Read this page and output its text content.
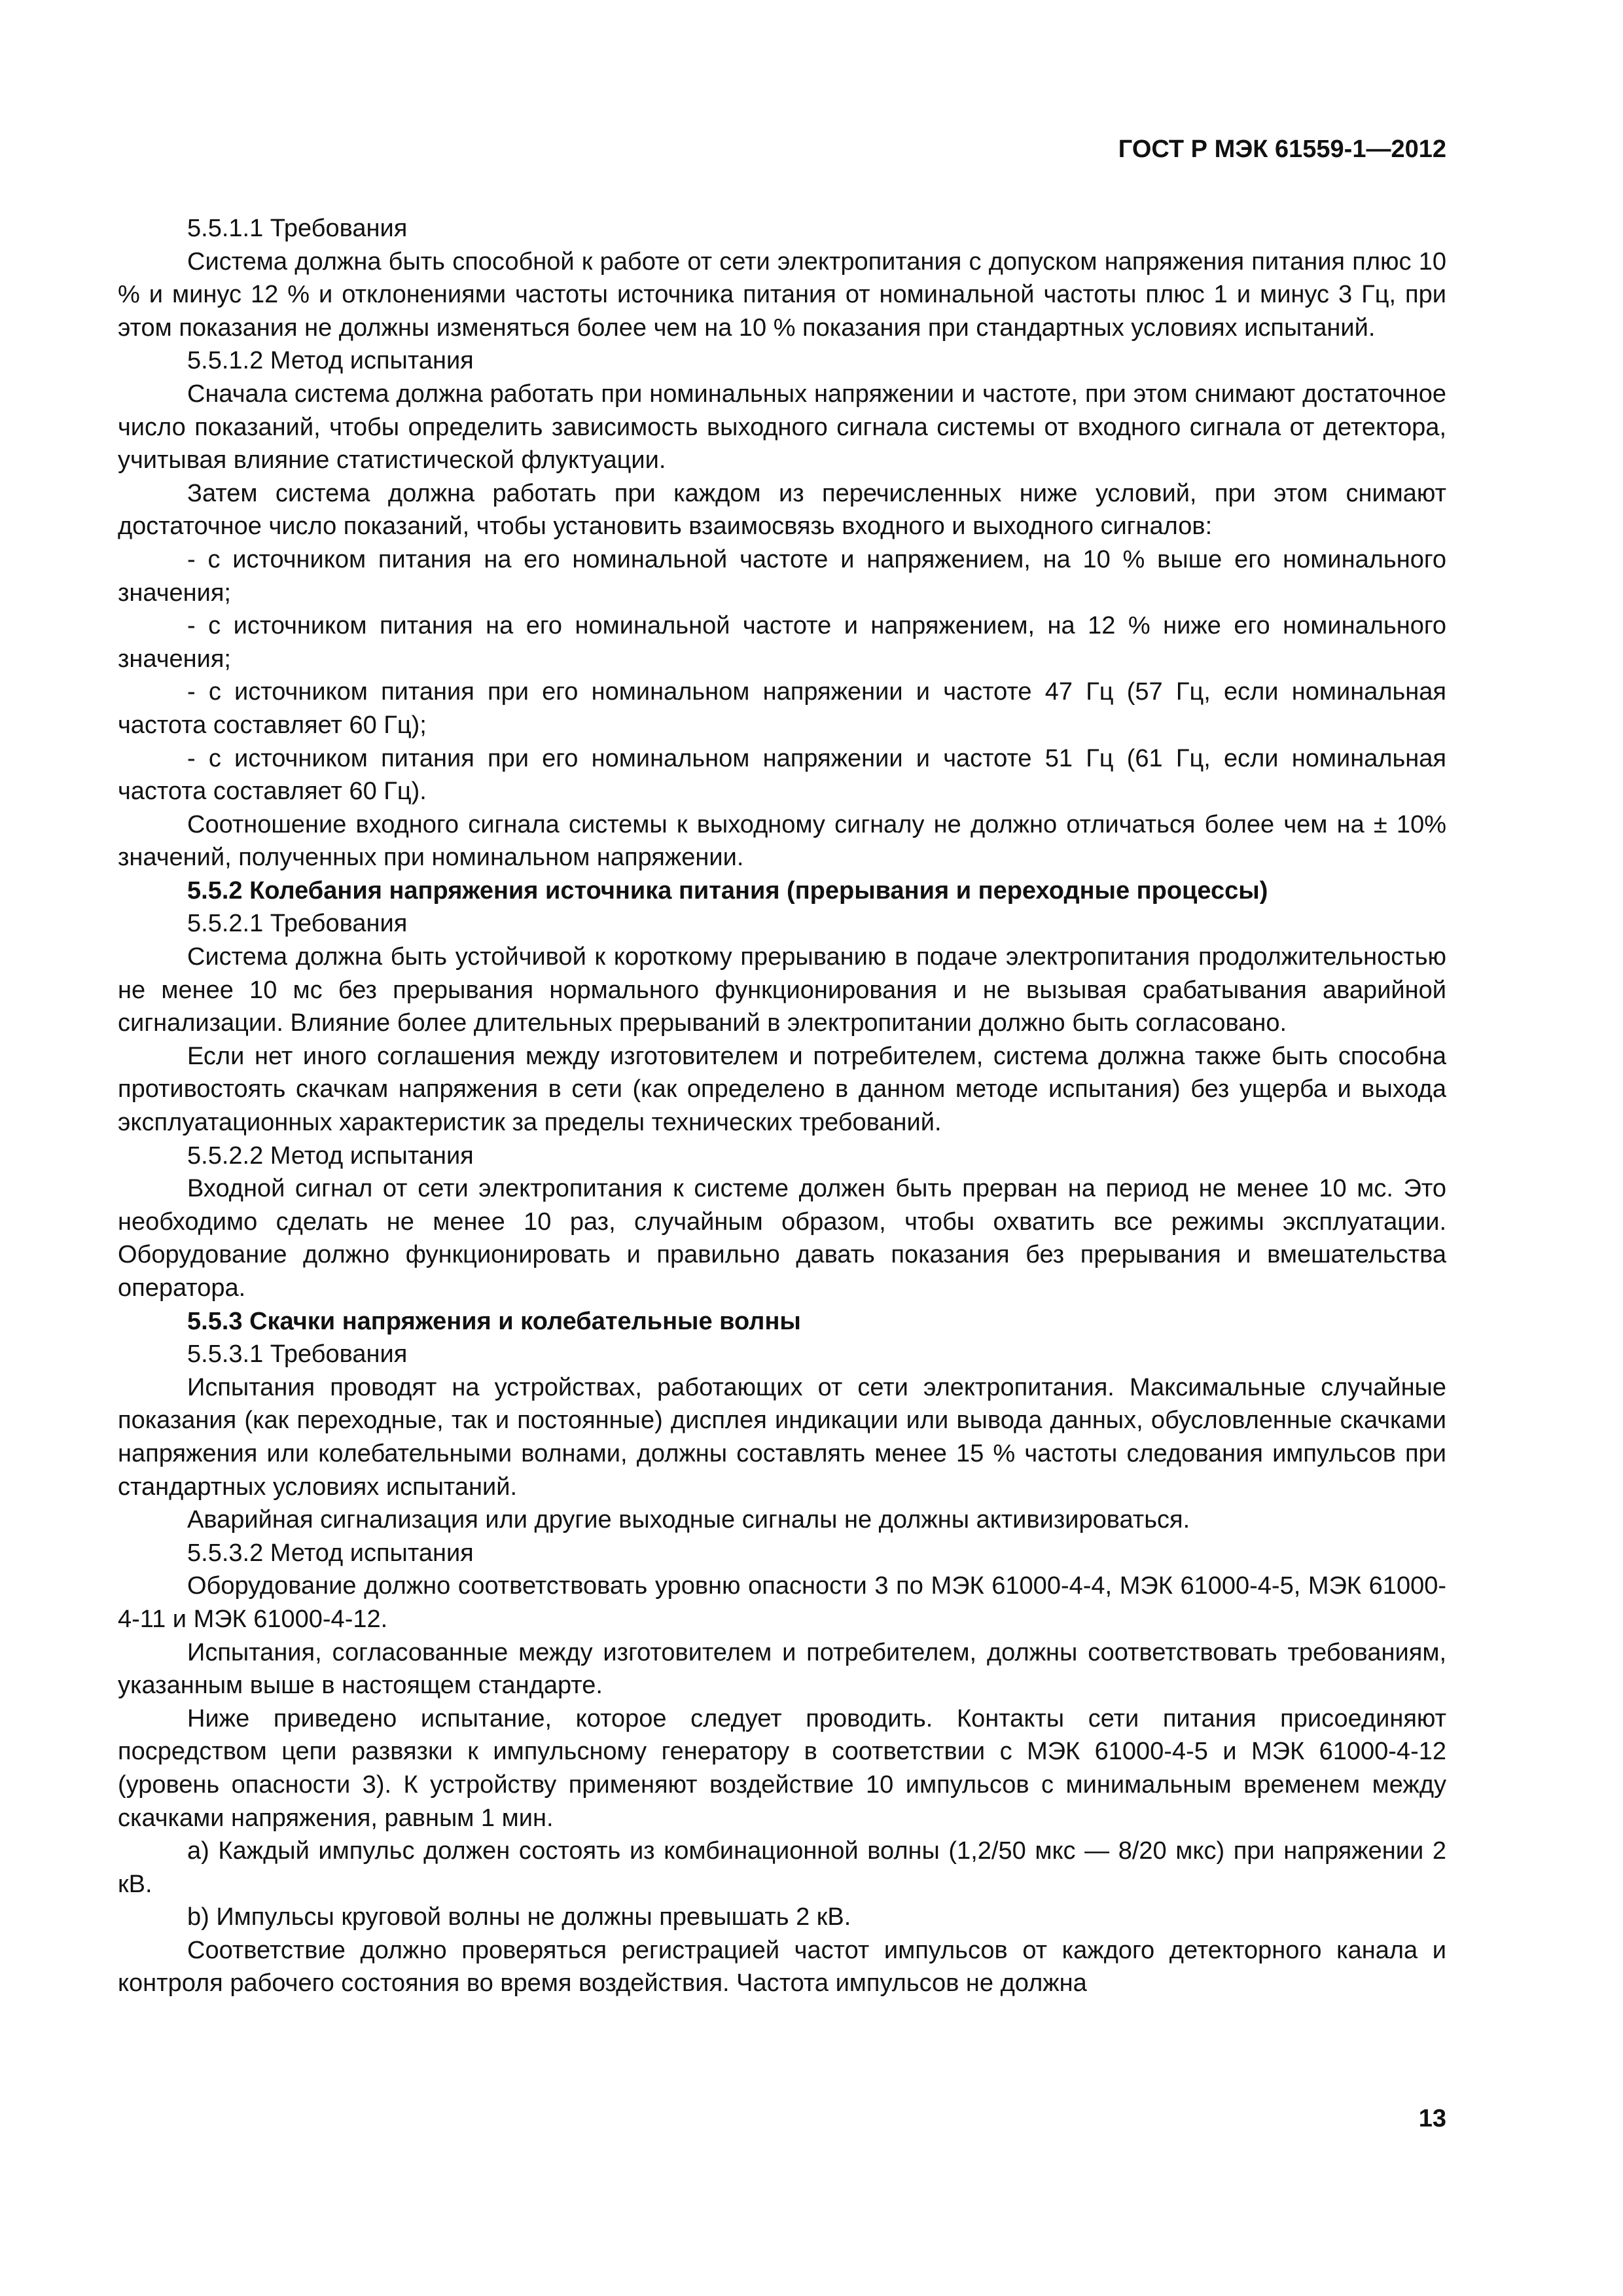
ГОСТ Р МЭК 61559-1—2012

5.5.1.1 Требования

Система должна быть способной к работе от сети электропитания с допуском напряжения питания плюс 10 % и минус 12 % и отклонениями частоты источника питания от номинальной частоты плюс 1 и минус 3 Гц, при этом показания не должны изменяться более чем на 10 % показания при стандартных условиях испытаний.

5.5.1.2 Метод испытания

Сначала система должна работать при номинальных напряжении и частоте, при этом снимают достаточное число показаний, чтобы определить зависимость выходного сигнала системы от входного сигнала от детектора, учитывая влияние статистической флуктуации.

Затем система должна работать при каждом из перечисленных ниже условий, при этом снимают достаточное число показаний, чтобы установить взаимосвязь входного и выходного сигналов:

- с источником питания на его номинальной частоте и напряжением, на 10 % выше его номинального значения;

- с источником питания на его номинальной частоте и напряжением, на 12 % ниже его номинального значения;

- с источником питания при его номинальном напряжении и частоте 47 Гц (57 Гц, если номинальная частота составляет 60 Гц);

- с источником питания при его номинальном напряжении и частоте 51 Гц (61 Гц, если номинальная частота составляет 60 Гц).

Соотношение входного сигнала системы к выходному сигналу не должно отличаться более чем на ± 10% значений, полученных при номинальном напряжении.

5.5.2 Колебания напряжения источника питания (прерывания и переходные процессы)

5.5.2.1 Требования

Система должна быть устойчивой к короткому прерыванию в подаче электропитания продолжительностью не менее 10 мс без прерывания нормального функционирования и не вызывая срабатывания аварийной сигнализации. Влияние более длительных прерываний в электропитании должно быть согласовано.

Если нет иного соглашения между изготовителем и потребителем, система должна также быть способна противостоять скачкам напряжения в сети (как определено в данном методе испытания) без ущерба и выхода эксплуатационных характеристик за пределы технических требований.

5.5.2.2 Метод испытания

Входной сигнал от сети электропитания к системе должен быть прерван на период не менее 10 мс. Это необходимо сделать не менее 10 раз, случайным образом, чтобы охватить все режимы эксплуатации. Оборудование должно функционировать и правильно давать показания без прерывания и вмешательства оператора.

5.5.3 Скачки напряжения и колебательные волны

5.5.3.1 Требования

Испытания проводят на устройствах, работающих от сети электропитания. Максимальные случайные показания (как переходные, так и постоянные) дисплея индикации или вывода данных, обусловленные скачками напряжения или колебательными волнами, должны составлять менее 15 % частоты следования импульсов при стандартных условиях испытаний.

Аварийная сигнализация или другие выходные сигналы не должны активизироваться.

5.5.3.2 Метод испытания

Оборудование должно соответствовать уровню опасности 3 по МЭК 61000-4-4, МЭК 61000-4-5, МЭК 61000-4-11 и МЭК 61000-4-12.

Испытания, согласованные между изготовителем и потребителем, должны соответствовать требованиям, указанным выше в настоящем стандарте.

Ниже приведено испытание, которое следует проводить. Контакты сети питания присоединяют посредством цепи развязки к импульсному генератору в соответствии с МЭК 61000-4-5 и МЭК 61000-4-12 (уровень опасности 3). К устройству применяют воздействие 10 импульсов с минимальным временем между скачками напряжения, равным 1 мин.

a) Каждый импульс должен состоять из комбинационной волны (1,2/50 мкс — 8/20 мкс) при напряжении 2 кВ.

b) Импульсы круговой волны не должны превышать 2 кВ.

Соответствие должно проверяться регистрацией частот импульсов от каждого детекторного канала и контроля рабочего состояния во время воздействия. Частота импульсов не должна

13
